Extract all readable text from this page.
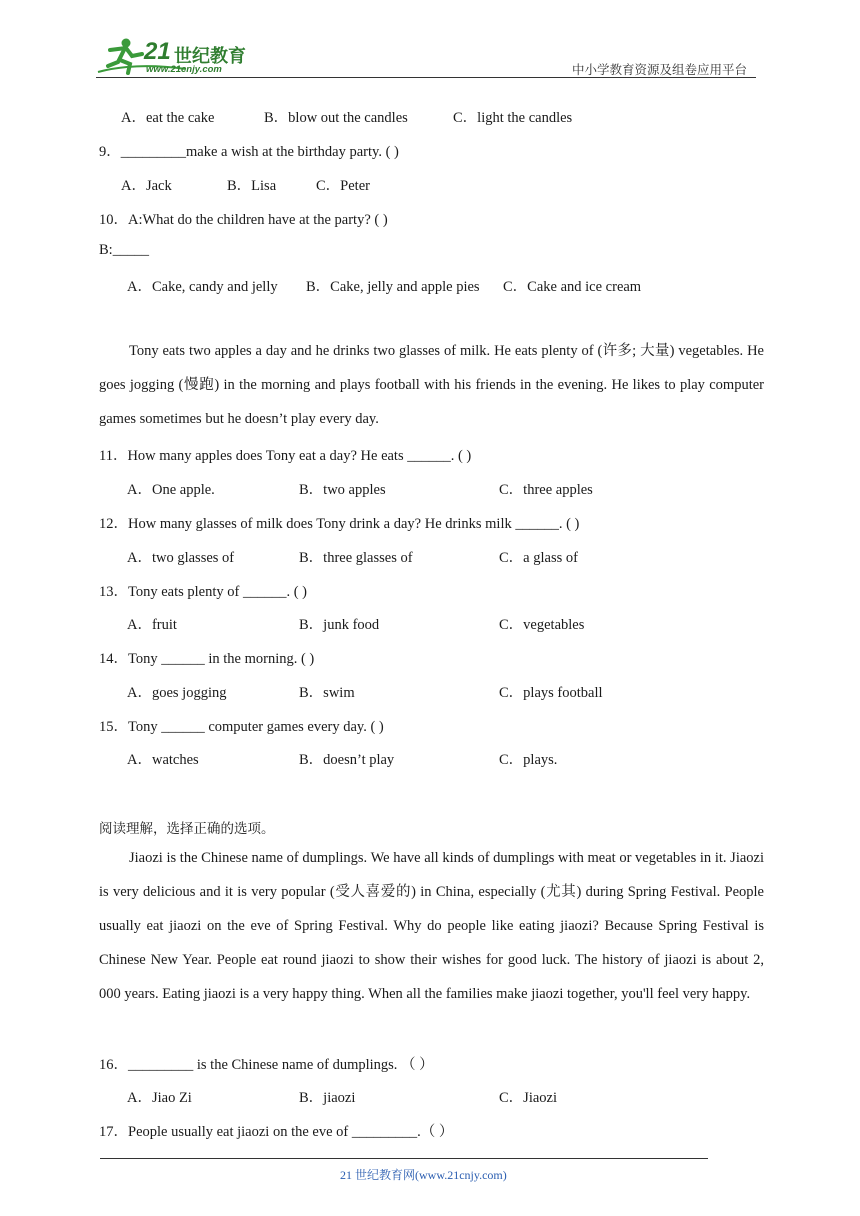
21 世纪教育
www.21cnjy.com	中小学教育资源及组卷应用平台
A．eat the cake	B．blow out the candles	C．light the candles
9．_________make a wish at the birthday party. ( )
A．Jack	B．Lisa	C．Peter
10．A:What do the children have at the party? ( )
B:_____
A．Cake, candy and jelly B．Cake, jelly and apple pies C．Cake and ice cream
Tony eats two apples a day and he drinks two glasses of milk. He eats plenty of (许多; 大量) vegetables. He goes jogging (慢跑) in the morning and plays football with his friends in the evening. He likes to play computer games sometimes but he doesn’t play every day.
11．How many apples does Tony eat a day? He eats ______. ( )
A．One apple.	B．two apples	C．three apples
12．How many glasses of milk does Tony drink a day? He drinks milk ______. ( )
A．two glasses of	B．three glasses of	C．a glass of
13．Tony eats plenty of ______. ( )
A．fruit	B．junk food	C．vegetables
14．Tony ______ in the morning. ( )
A．goes jogging	B．swim	C．plays football
15．Tony ______ computer games every day. ( )
A．watches	B．doesn’t play	C．plays.
阅读理解，选择正确的选项。
Jiaozi is the Chinese name of dumplings. We have all kinds of dumplings with meat or vegetables in it. Jiaozi is very delicious and it is very popular (受人喜爱的) in China, especially (尤其) during Spring Festival. People usually eat jiaozi on the eve of Spring Festival. Why do people like eating jiaozi? Because Spring Festival is Chinese New Year. People eat round jiaozi to show their wishes for good luck. The history of jiaozi is about 2, 000 years. Eating jiaozi is a very happy thing. When all the families make jiaozi together, you'll feel very happy.
16．_________ is the Chinese name of dumplings. （ ）
A．Jiao Zi	B．jiaozi	C．Jiaozi
17．People usually eat jiaozi on the eve of _________.（ ）
21 世纪教育网(www.21cnjy.com)
